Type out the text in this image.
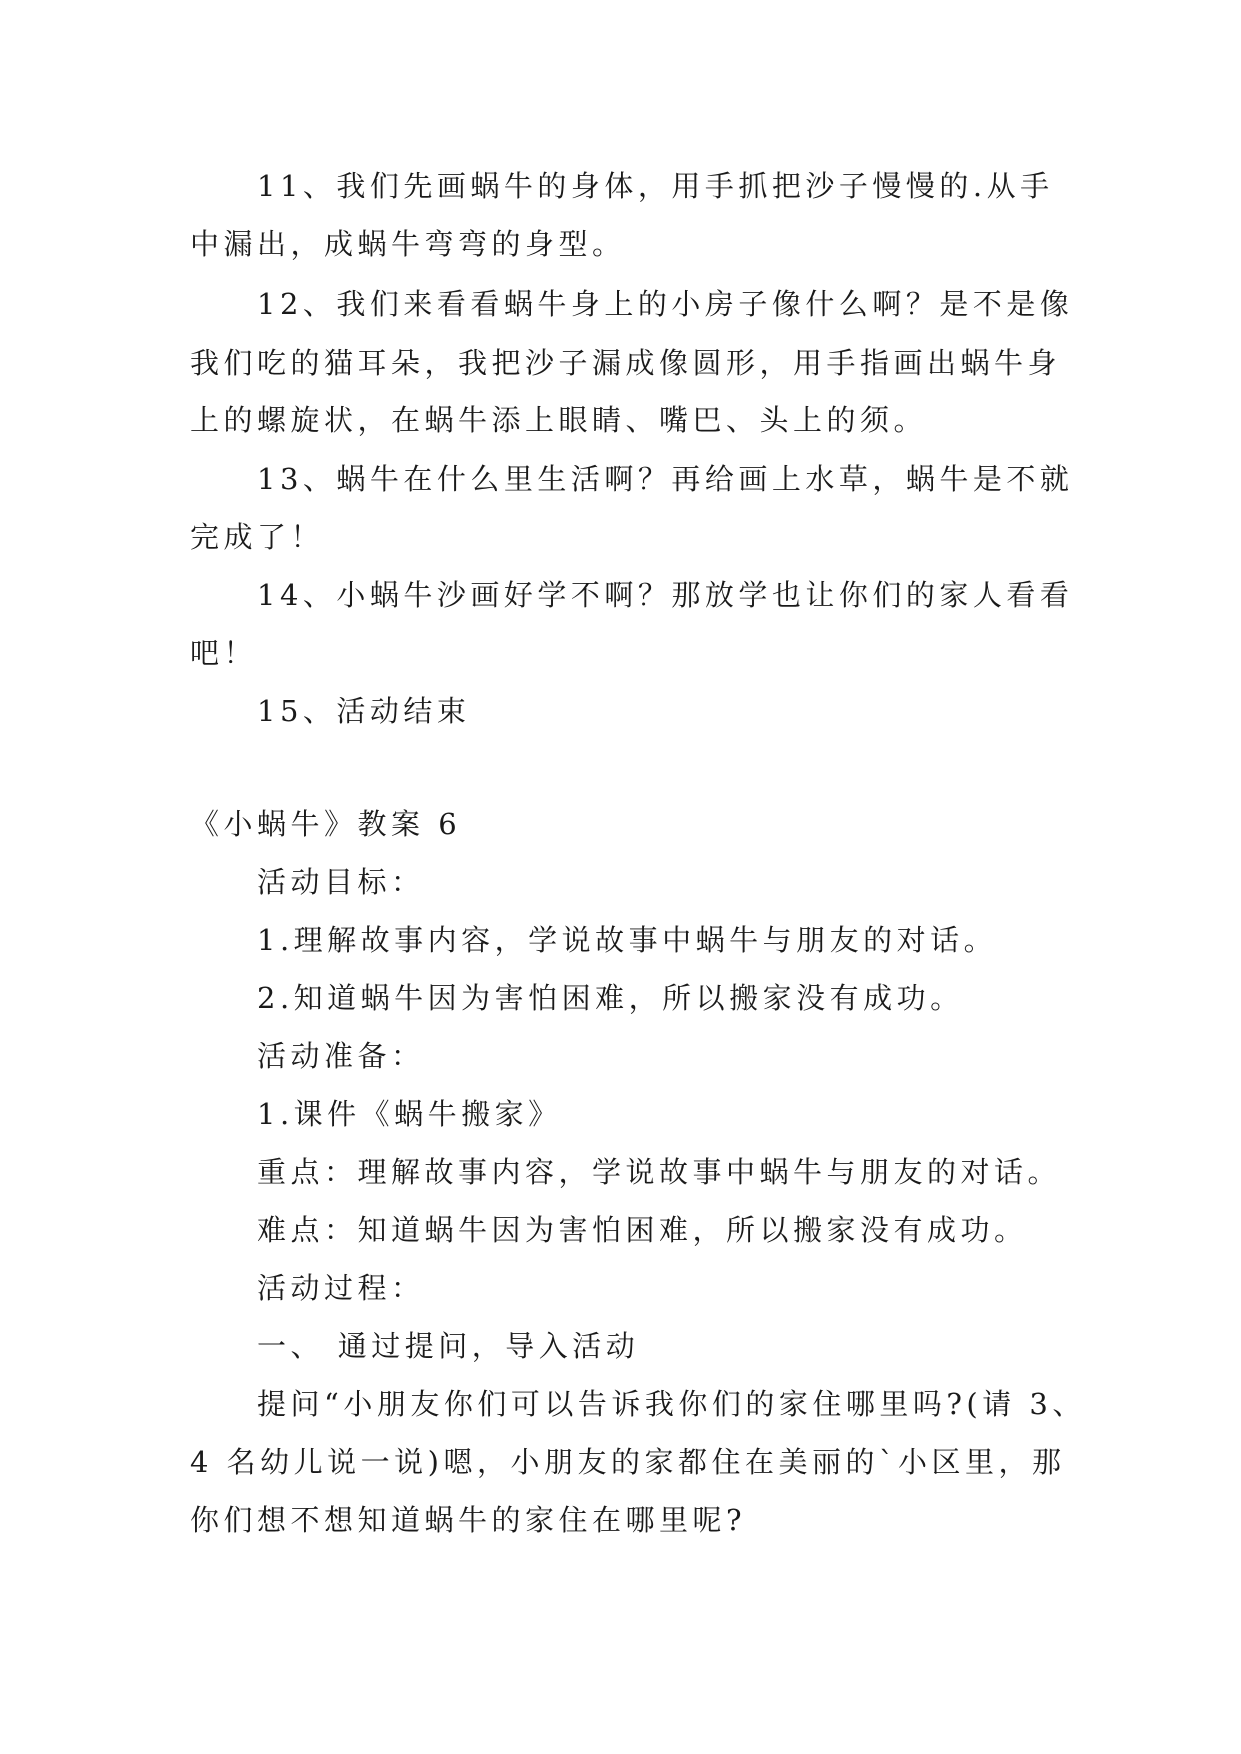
11、我们先画蜗牛的身体，用手抓把沙子慢慢的.从手
中漏出，成蜗牛弯弯的身型。
12、我们来看看蜗牛身上的小房子像什么啊？是不是像
我们吃的猫耳朵，我把沙子漏成像圆形，用手指画出蜗牛身
上的螺旋状，在蜗牛添上眼睛、嘴巴、头上的须。
13、蜗牛在什么里生活啊？再给画上水草，蜗牛是不就
完成了！
14、小蜗牛沙画好学不啊？那放学也让你们的家人看看
吧！
15、活动结束
《小蜗牛》教案 6
活动目标：
1.理解故事内容，学说故事中蜗牛与朋友的对话。
2.知道蜗牛因为害怕困难，所以搬家没有成功。
活动准备：
1.课件《蜗牛搬家》
重点：理解故事内容，学说故事中蜗牛与朋友的对话。
难点：知道蜗牛因为害怕困难，所以搬家没有成功。
活动过程：
一、 通过提问，导入活动
提问“小朋友你们可以告诉我你们的家住哪里吗?(请 3、
4 名幼儿说一说)嗯，小朋友的家都住在美丽的`小区里，那
你们想不想知道蜗牛的家住在哪里呢?
